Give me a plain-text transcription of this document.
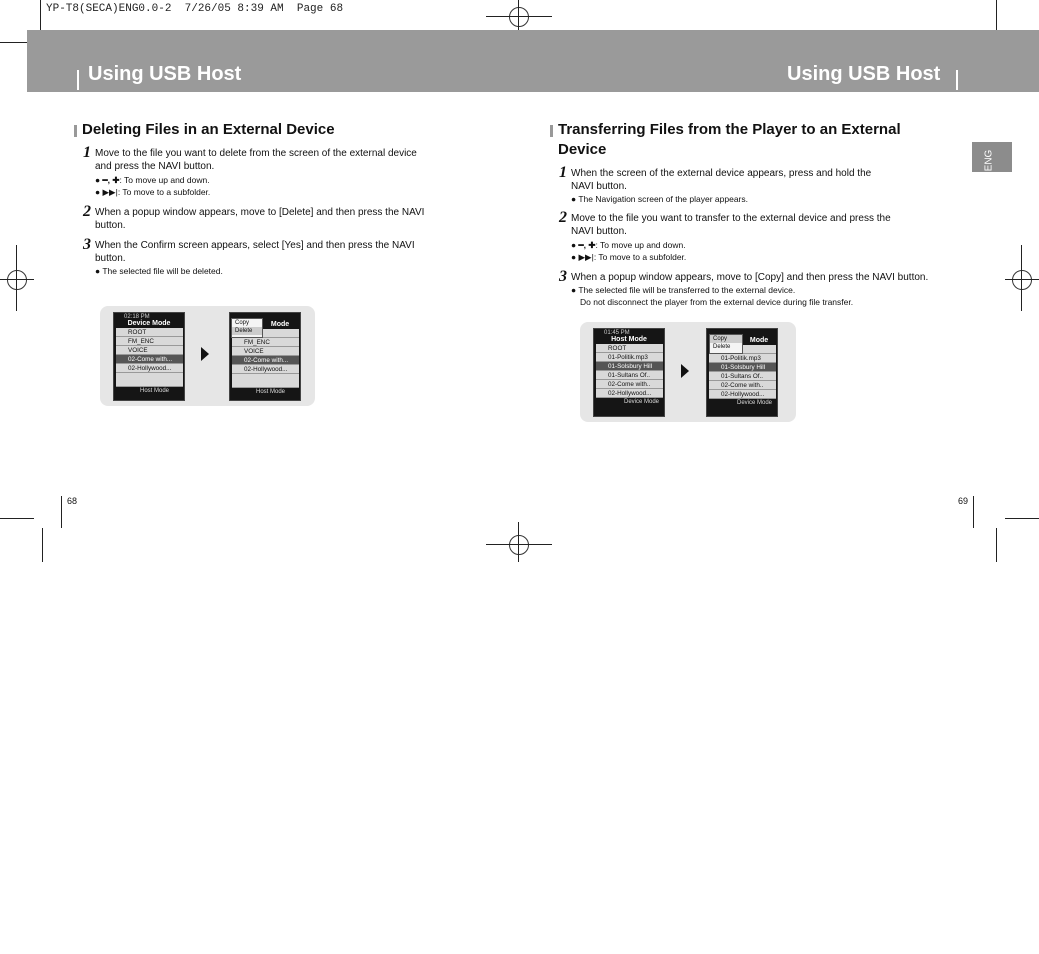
YP-T8(SECA)ENG0.0-2  7/26/05 8:39 AM  Page 68
Using USB Host	Using USB Host
ENG
Deleting Files in an External Device
1 Move to the file you want to delete from the screen of the external device
and press the NAVI button.
● ━, ✚: To move up and down.
● ▶▶|: To move to a subfolder.
2 When a popup window appears, move to [Delete] and then press the NAVI
button.
3 When the Confirm screen appears, select [Yes] and then press the NAVI
button.
● The selected file will be deleted.
02:18 PM
Device Mode
ROOT
FM_ENC
VOICE
02-Come with...
02-Hollywood...
Host Mode
Mode
FM_ENC
VOICE
02-Come with...
02-Hollywood...
Host Mode
Copy
Delete
68
Transferring Files from the Player to an External
Device
1 When the screen of the external device appears, press and hold the
NAVI button.
● The Navigation screen of the player appears.
2 Move to the file you want to transfer to the external device and press the
NAVI button.
● ━, ✚: To move up and down.
● ▶▶|: To move to a subfolder.
3 When a popup window appears, move to [Copy] and then press the NAVI button.
● The selected file will be transferred to the external device.
Do not disconnect the player from the external device during file transfer.
01:45 PM
Host Mode
ROOT
01-Politik.mp3
01-Solsbury Hill
01-Sultans Of..
02-Come with..
02-Hollywood...
Device Mode
Mode
01-Politik.mp3
01-Solsbury Hill
01-Sultans Of..
02-Come with..
02-Hollywood...
Device Mode
Copy
Delete
69
